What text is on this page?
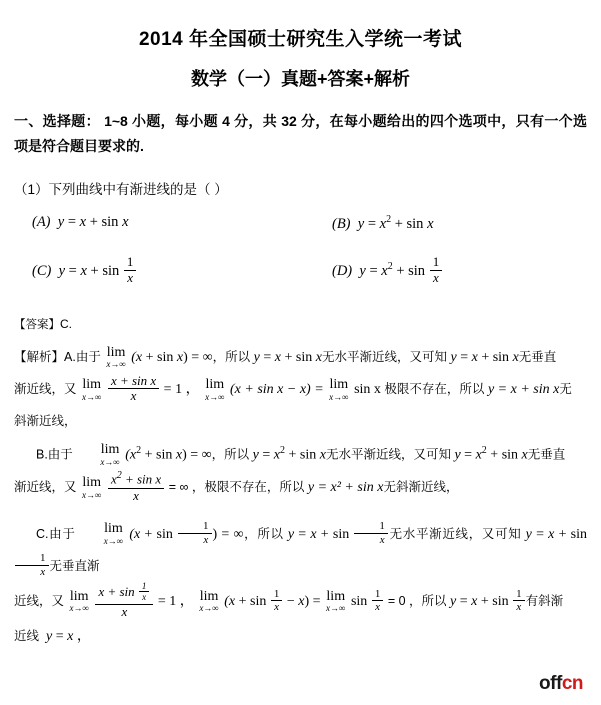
2014 年全国硕士研究生入学统一考试
数学（一）真题+答案+解析
一、选择题： 1~8 小题，每小题 4 分，共 32 分，在每小题给出的四个选项中，只有一个选项是符合题目要求的.
（1）下列曲线中有渐进线的是（ ）
(A)  y = x + sin x	(B)  $y = x^2 + \sin x$
(C)  $y = x + \sin \frac{1}{x}$	(D)  $y = x^2 + \sin \frac{1}{x}$
【答案】C.
【解析】A.由于 lim
x→∞ (x + sin x) = ∞，所以 y = x + sin x无水平渐近线，又可知 y = x + sin x无垂直
渐近线，又 lim
x→∞
$\frac{\text{x + sin x}}{x} = 1$ ， lim
x→∞ (x + sin x − x) = lim
x→∞ sin x 极限不存在，所以 y = x + sin x无
斜渐近线，
B.由于	lim
x→∞ $(x^2 + \sin x)$ = ∞，所以 $y = x^2 + \sin x$无水平渐近线，又可知 $y = x^2 + \sin x$无垂直
渐近线，又 lim
x→∞
$\frac{x^2 + \sin x}{x}$ = ∞ ，极限不存在，所以 y = x² + sin x无斜渐近线，
C.由于	lim
x→∞ ($x + \sin \frac{1}{x}$ ) = ∞，所以 $y = x + \sin \frac{1}{x}$ 无水平渐近线，又可知 y = x + sin
$\frac{1}{x}$ 无垂直渐
近线，又 lim
x→∞
$\frac{x + \sin \frac{1}{x}}{x} = 1$ ， lim
x→∞ $(x + \sin \frac{1}{x} - x) = \lim$
x→∞ $\sin \frac{1}{x} = 0$ ，所以 $y = x + \sin \frac{1}{x}$ 有斜渐
近线  y = x ，
offcn
